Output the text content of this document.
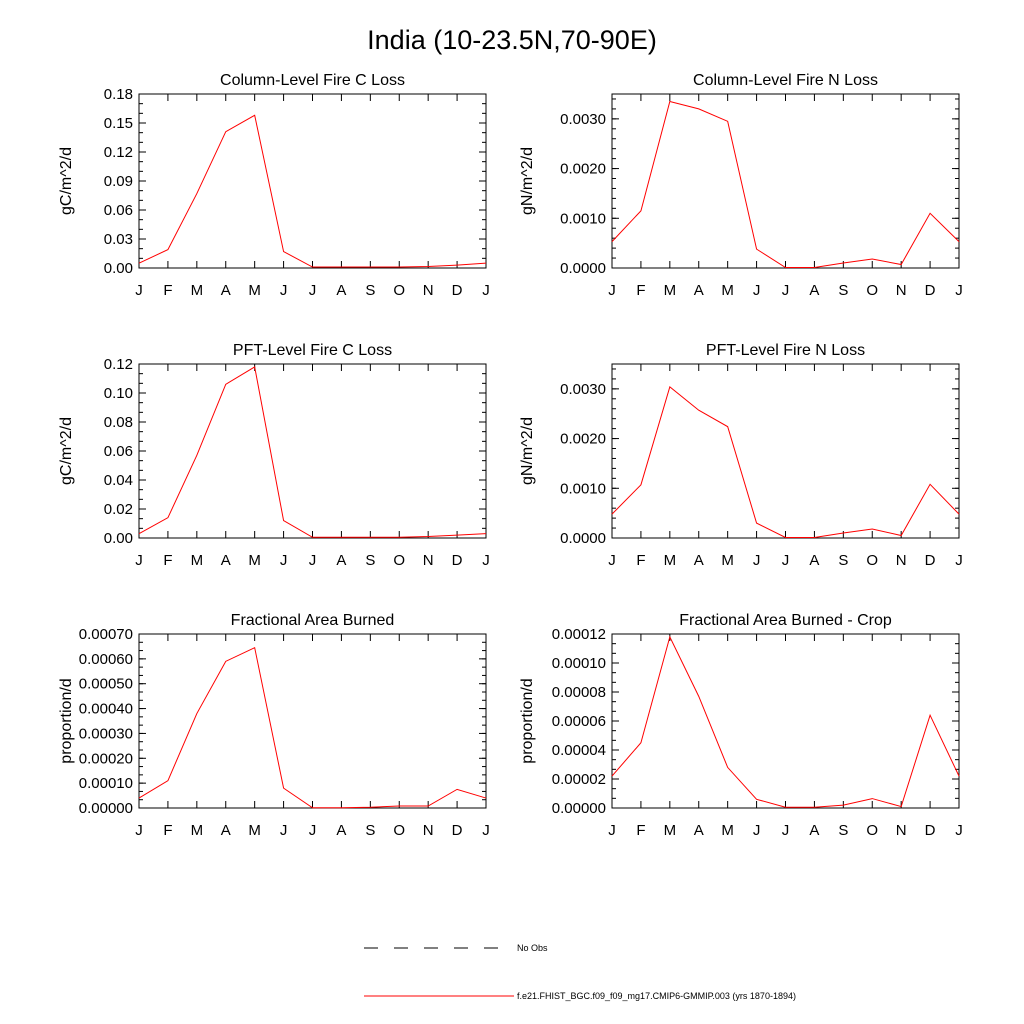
India (10-23.5N,70-90E)
Column-Level Fire C Loss
J F M A M J J A S O N D J
0.00
0.03
0.06
0.09
0.12
0.15
0.18
gC/m^2/d
Column-Level Fire N Loss
J F M A M J J A S O N D J
0.0000
0.0010
0.0020
0.0030
gN/m^2/d
PFT-Level Fire C Loss
J F M A M J J A S O N D J
0.00
0.02
0.04
0.06
0.08
0.10
0.12
gC/m^2/d
PFT-Level Fire N Loss
J F M A M J J A S O N D J
0.0000
0.0010
0.0020
0.0030
gN/m^2/d
Fractional Area Burned
J F M A M J J A S O N D J
0.00000
0.00010
0.00020
0.00030
0.00040
0.00050
0.00060
0.00070
proportion/d
Fractional Area Burned - Crop
J F M A M J J A S O N D J
0.00000
0.00002
0.00004
0.00006
0.00008
0.00010
0.00012
proportion/d
No Obs
f.e21.FHIST_BGC.f09_f09_mg17.CMIP6-GMMIP.003 (yrs 1870-1894)
